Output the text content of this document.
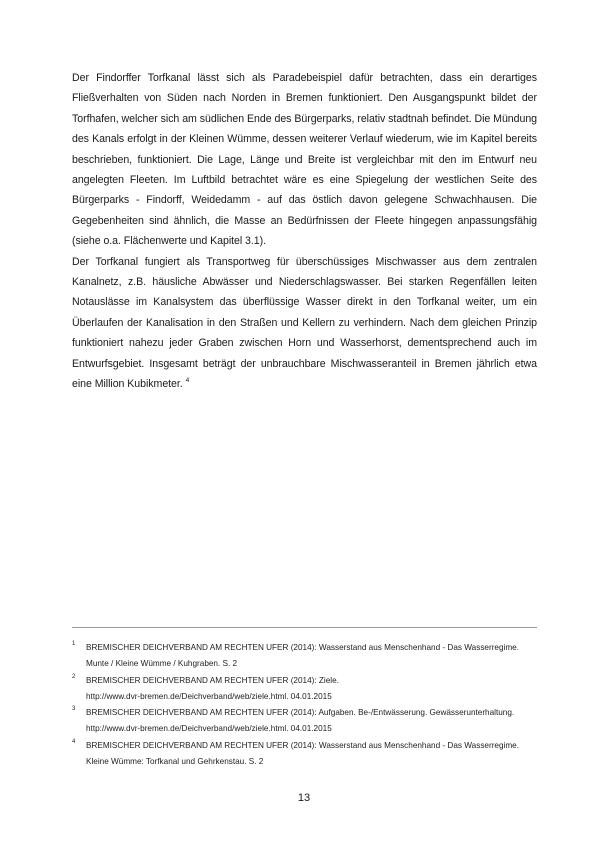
Der Findorffer Torfkanal lässt sich als Paradebeispiel dafür betrachten, dass ein derartiges Fließverhalten von Süden nach Norden in Bremen funktioniert. Den Ausgangspunkt bildet der Torfhafen, welcher sich am südlichen Ende des Bürgerparks, relativ stadtnah befindet. Die Mündung des Kanals erfolgt in der Kleinen Wümme, dessen weiterer Verlauf wiederum, wie im Kapitel bereits beschrieben, funktioniert. Die Lage, Länge und Breite ist vergleichbar mit den im Entwurf neu angelegten Fleeten. Im Luftbild betrachtet wäre es eine Spiegelung der westlichen Seite des Bürgerparks - Findorff, Weidedamm - auf das östlich davon gelegene Schwachhausen. Die Gegebenheiten sind ähnlich, die Masse an Bedürfnissen der Fleete hingegen anpassungsfähig (siehe o.a. Flächenwerte und Kapitel 3.1).

Der Torfkanal fungiert als Transportweg für überschüssiges Mischwasser aus dem zentralen Kanalnetz, z.B. häusliche Abwässer und Niederschlagswasser. Bei starken Regenfällen leiten Notauslässe im Kanalsystem das überflüssige Wasser direkt in den Torfkanal weiter, um ein Überlaufen der Kanalisation in den Straßen und Kellern zu verhindern. Nach dem gleichen Prinzip funktioniert nahezu jeder Graben zwischen Horn und Wasserhorst, dementsprechend auch im Entwurfsgebiet. Insgesamt beträgt der unbrauchbare Mischwasseranteil in Bremen jährlich etwa eine Million Kubikmeter. $^4$

1 BREMISCHER DEICHVERBAND AM RECHTEN UFER (2014): Wasserstand aus Menschenhand - Das Wasserregime.
Munte / Kleine Wümme / Kuhgraben. S. 2
2 BREMISCHER DEICHVERBAND AM RECHTEN UFER (2014): Ziele.
http://www.dvr-bremen.de/Deichverband/web/ziele.html. 04.01.2015
3 BREMISCHER DEICHVERBAND AM RECHTEN UFER (2014): Aufgaben. Be-/Entwässerung. Gewässerunterhaltung.
http://www.dvr-bremen.de/Deichverband/web/ziele.html. 04.01.2015
4 BREMISCHER DEICHVERBAND AM RECHTEN UFER (2014): Wasserstand aus Menschenhand - Das Wasserregime.
Kleine Wümme: Torfkanal und Gehrkenstau. S. 2
13
